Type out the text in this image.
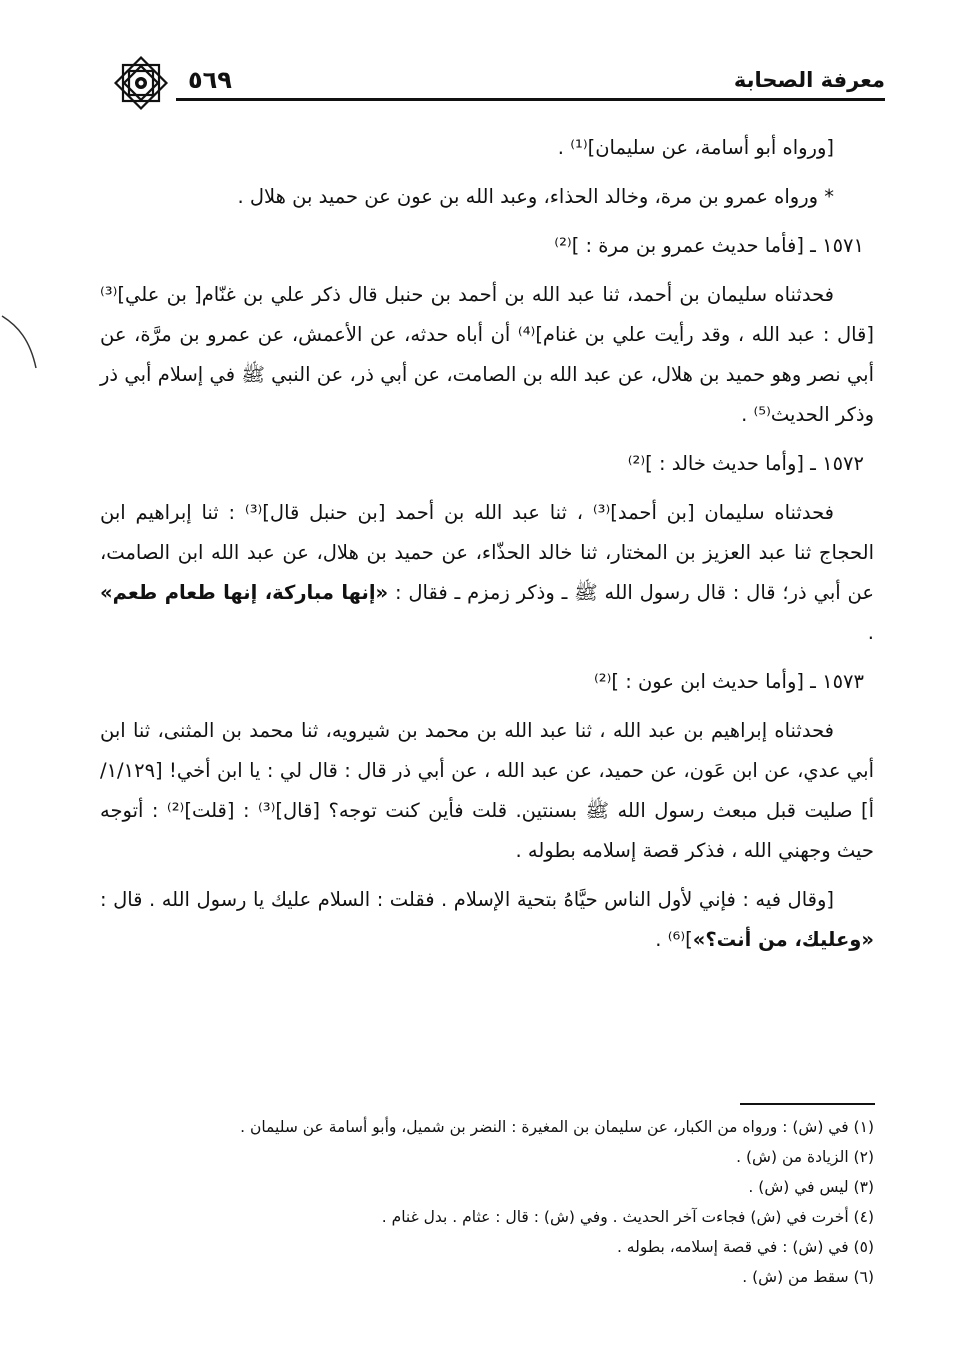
٥٦٩	معرفة الصحابة

[ورواه أبو أسامة، عن سليمان]⁽¹⁾ .

* ورواه عمرو بن مرة، وخالد الحذاء، وعبد الله بن عون عن حميد بن هلال .

١٥٧١ ـ [فأما حديث عمرو بن مرة : ]⁽²⁾

فحدثناه سليمان بن أحمد، ثنا عبد الله بن أحمد بن حنبل قال ذكر علي بن غنّام[ بن علي]⁽³⁾ [قال : عبد الله ، وقد رأيت علي بن غنام]⁽⁴⁾ أن أباه حدثه، عن الأعمش، عن عمرو بن مرَّة، عن أبي نصر وهو حميد بن هلال، عن عبد الله بن الصامت، عن أبي ذر، عن النبي ﷺ في إسلام أبي ذر وذكر الحديث⁽⁵⁾ .

١٥٧٢ ـ [وأما حديث خالد : ]⁽²⁾

فحدثناه سليمان [بن أحمد]⁽³⁾ ، ثنا عبد الله بن أحمد [بن حنبل قال]⁽³⁾ : ثنا إبراهيم ابن الحجاج ثنا عبد العزيز بن المختار، ثنا خالد الحذّاء، عن حميد بن هلال، عن عبد الله ابن الصامت، عن أبي ذر؛ قال : قال رسول الله ﷺ ـ وذكر زمزم ـ فقال : «إنها مباركة، إنها طعام طعم» .

١٥٧٣ ـ [وأما حديث ابن عون : ]⁽²⁾

فحدثناه إبراهيم بن عبد الله ، ثنا عبد الله بن محمد بن شيرويه، ثنا محمد بن المثنى، ثنا ابن أبي عدي، عن ابن عَون، عن حميد، عن عبد الله ، عن أبي ذر قال : قال لي : يا ابن أخي! [١/١٢٩/أ] صليت قبل مبعث رسول الله ﷺ بسنتين. قلت فأين كنت توجه؟ [قال]⁽³⁾ : [قلت]⁽²⁾ : أتوجه حيث وجهني الله ، فذكر قصة إسلامه بطوله .

[وقال فيه : فإني لأول الناس حيَّاهُ بتحية الإسلام . فقلت : السلام عليك يا رسول الله . قال : «وعليك، من أنت؟»]⁽⁶⁾ .

(١) في (ش) : ورواه من الكبار، عن سليمان بن المغيرة : النضر بن شميل، وأبو أسامة عن سليمان .

(٢) الزيادة من (ش) .

(٣) ليس في (ش) .

(٤) أخرت في (ش) فجاءت آخر الحديث . وفي (ش) : قال : عثام . بدل غنام .

(٥) في (ش) : في قصة إسلامه، بطوله .

(٦) سقط من (ش) .
